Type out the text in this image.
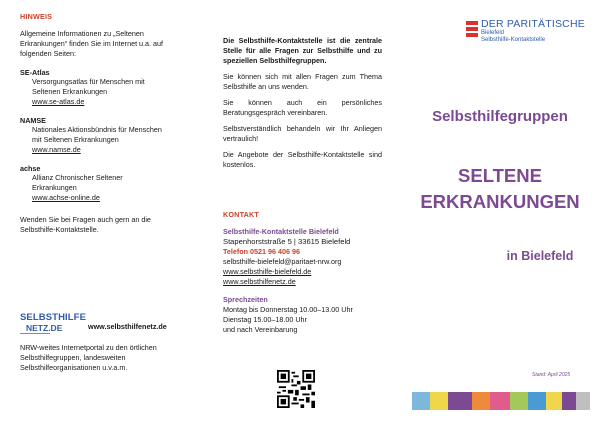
HINWEIS
Allgemeine Informationen zu „Seltenen Erkrankungen“ finden Sie im Internet u.a. auf folgenden Seiten:
SE-Atlas
Versorgungsatlas für Menschen mit
Seltenen Erkrankungen
www.se-atlas.de
NAMSE
Nationales Aktionsbündnis für Menschen
mit Seltenen Erkrankungen
www.namse.de
achse
Allianz Chronischer Seltener
Erkrankungen
www.achse-online.de
Wenden Sie bei Fragen auch gern an die Selbsthilfe-Kontaktstelle.
SELBSTHILFE
NETZ.DE	www.selbsthilfenetz.de
NRW-weites Internetportal zu den örtlichen Selbsthilfegruppen, landesweiten Selbsthilfeorganisationen u.v.a.m.
Die Selbsthilfe-Kontaktstelle ist die zentrale Stelle für alle Fragen zur Selbsthilfe und zu speziellen Selbsthilfegruppen.
Sie können sich mit allen Fragen zum Thema Selbsthilfe an uns wenden.
Sie können auch ein persönliches Beratungsgespräch vereinbaren.
Selbstverständlich behandeln wir Ihr Anliegen vertraulich!
Die Angebote der Selbsthilfe-Kontaktstelle sind kostenlos.
KONTAKT
Selbsthilfe-Kontaktstelle Bielefeld
Stapenhorststraße 5 | 33615 Bielefeld
Telefon 0521 96 406 96
selbsthilfe-bielefeld@paritaet-nrw.org
www.selbsthilfe-bielefeld.de
www.selbsthilfenetz.de
Sprechzeiten
Montag bis Donnerstag 10.00–13.00 Uhr
Dienstag 15.00–18.00 Uhr
und nach Vereinbarung
DER PARITÄTISCHE
Bielefeld
Selbsthilfe-Kontaktstelle
Selbsthilfegruppen
SELTENE
ERKRANKUNGEN
in Bielefeld
Stand: April 2025
